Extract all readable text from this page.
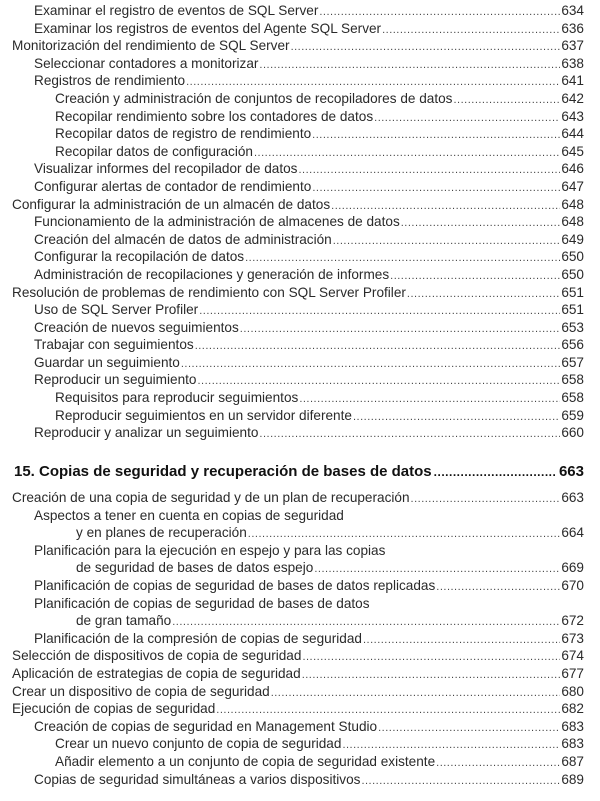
Examinar el registro de eventos de SQL Server .....	634
Examinar los registros de eventos del Agente SQL Server .....	636
Monitorización del rendimiento de SQL Server .....	637
Seleccionar contadores a monitorizar .....	638
Registros de rendimiento .....	641
Creación y administración de conjuntos de recopiladores de datos .....	642
Recopilar rendimiento sobre los contadores de datos .....	643
Recopilar datos de registro de rendimiento .....	644
Recopilar datos de configuración .....	645
Visualizar informes del recopilador de datos .....	646
Configurar alertas de contador de rendimiento .....	647
Configurar la administración de un almacén de datos .....	648
Funcionamiento de la administración de almacenes de datos .....	648
Creación del almacén de datos de administración .....	649
Configurar la recopilación de datos .....	650
Administración de recopilaciones y generación de informes .....	650
Resolución de problemas de rendimiento con SQL Server Profiler .....	651
Uso de SQL Server Profiler .....	651
Creación de nuevos seguimientos .....	653
Trabajar con seguimientos .....	656
Guardar un seguimiento .....	657
Reproducir un seguimiento .....	658
Requisitos para reproducir seguimientos .....	658
Reproducir seguimientos en un servidor diferente .....	659
Reproducir y analizar un seguimiento .....	660
15. Copias de seguridad y recuperación de bases de datos .....	663
Creación de una copia de seguridad y de un plan de recuperación .....	663
Aspectos a tener en cuenta en copias de seguridad
y en planes de recuperación .....	664
Planificación para la ejecución en espejo y para las copias
de seguridad de bases de datos espejo .....	669
Planificación de copias de seguridad de bases de datos replicadas .....	670
Planificación de copias de seguridad de bases de datos
de gran tamaño .....	672
Planificación de la compresión de copias de seguridad .....	673
Selección de dispositivos de copia de seguridad .....	674
Aplicación de estrategias de copia de seguridad .....	677
Crear un dispositivo de copia de seguridad .....	680
Ejecución de copias de seguridad .....	682
Creación de copias de seguridad en Management Studio .....	683
Crear un nuevo conjunto de copia de seguridad .....	683
Añadir elemento a un conjunto de copia de seguridad existente .....	687
Copias de seguridad simultáneas a varios dispositivos .....	689
